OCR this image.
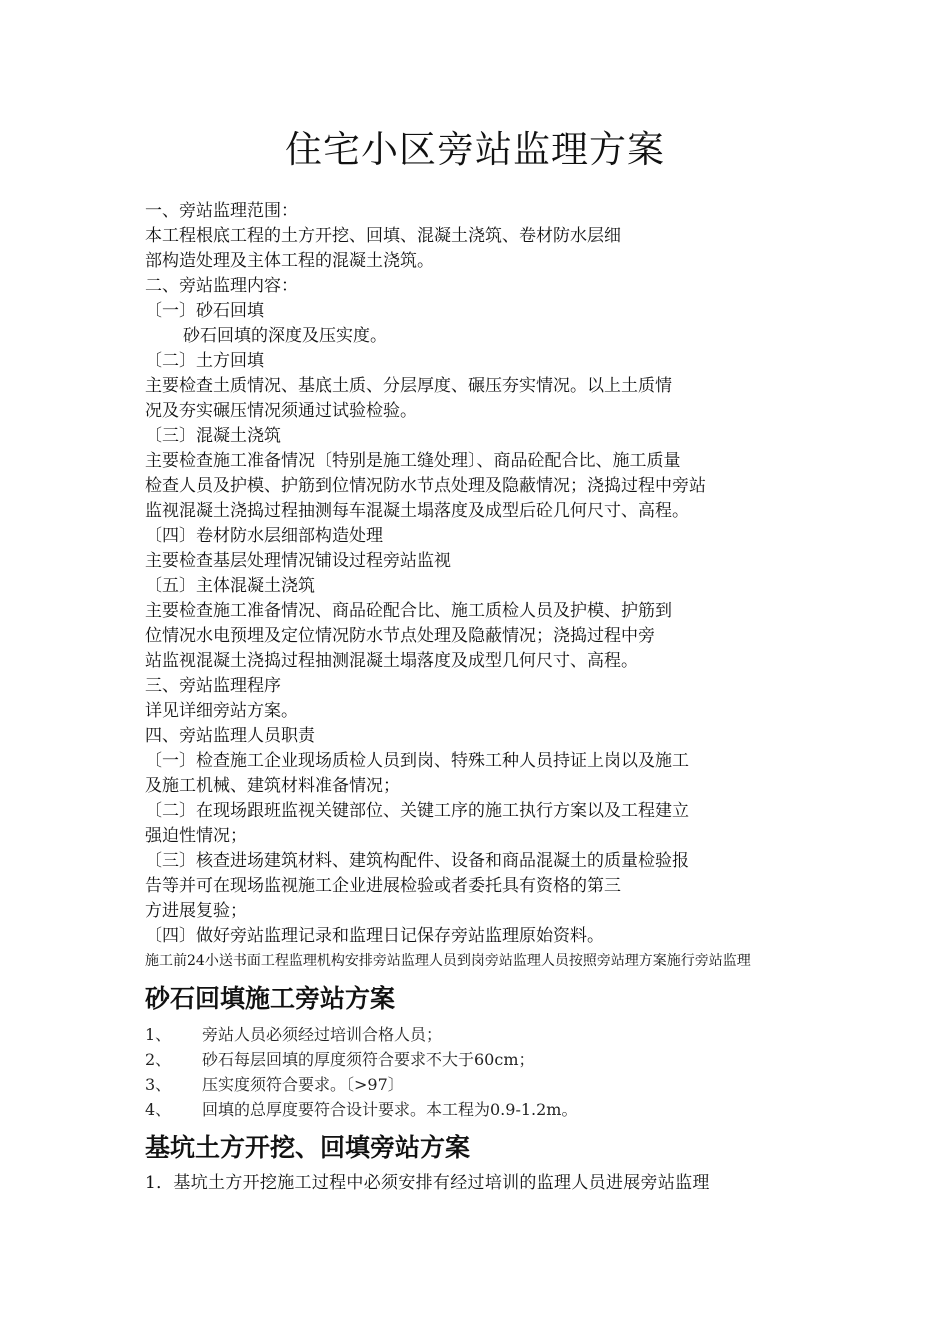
住宅小区旁站监理方案
一、旁站监理范围：
本工程根底工程的土方开挖、回填、混凝土浇筑、卷材防水层细
部构造处理及主体工程的混凝土浇筑。
二、旁站监理内容：
〔一〕砂石回填
砂石回填的深度及压实度。
〔二〕土方回填
主要检查土质情况、基底土质、分层厚度、碾压夯实情况。以上土质情
况及夯实碾压情况须通过试验检验。
〔三〕混凝土浇筑
主要检查施工准备情况〔特别是施工缝处理〕、商品砼配合比、施工质量
检查人员及护模、护筋到位情况防水节点处理及隐蔽情况；浇捣过程中旁站
监视混凝土浇捣过程抽测每车混凝土塌落度及成型后砼几何尺寸、高程。
〔四〕卷材防水层细部构造处理
主要检查基层处理情况铺设过程旁站监视
〔五〕主体混凝土浇筑
主要检查施工准备情况、商品砼配合比、施工质检人员及护模、护筋到
位情况水电预埋及定位情况防水节点处理及隐蔽情况；浇捣过程中旁
站监视混凝土浇捣过程抽测混凝土塌落度及成型几何尺寸、高程。
三、旁站监理程序
详见详细旁站方案。
四、旁站监理人员职责
〔一〕检查施工企业现场质检人员到岗、特殊工种人员持证上岗以及施工
及施工机械、建筑材料准备情况；
〔二〕在现场跟班监视关键部位、关键工序的施工执行方案以及工程建立
强迫性情况；
〔三〕核查进场建筑材料、建筑构配件、设备和商品混凝土的质量检验报
告等并可在现场监视施工企业进展检验或者委托具有资格的第三
方进展复验；
〔四〕做好旁站监理记录和监理日记保存旁站监理原始资料。
施工前24小送书面工程监理机构安排旁站监理人员到岗旁站监理人员按照旁站理方案施行旁站监理
砂石回填施工旁站方案
1、	旁站人员必须经过培训合格人员；
2、	砂石每层回填的厚度须符合要求不大于60cm；
3、	压实度须符合要求。〔>97〕
4、	回填的总厚度要符合设计要求。本工程为0.9-1.2m。
基坑土方开挖、回填旁站方案
1．基坑土方开挖施工过程中必须安排有经过培训的监理人员进展旁站监理
